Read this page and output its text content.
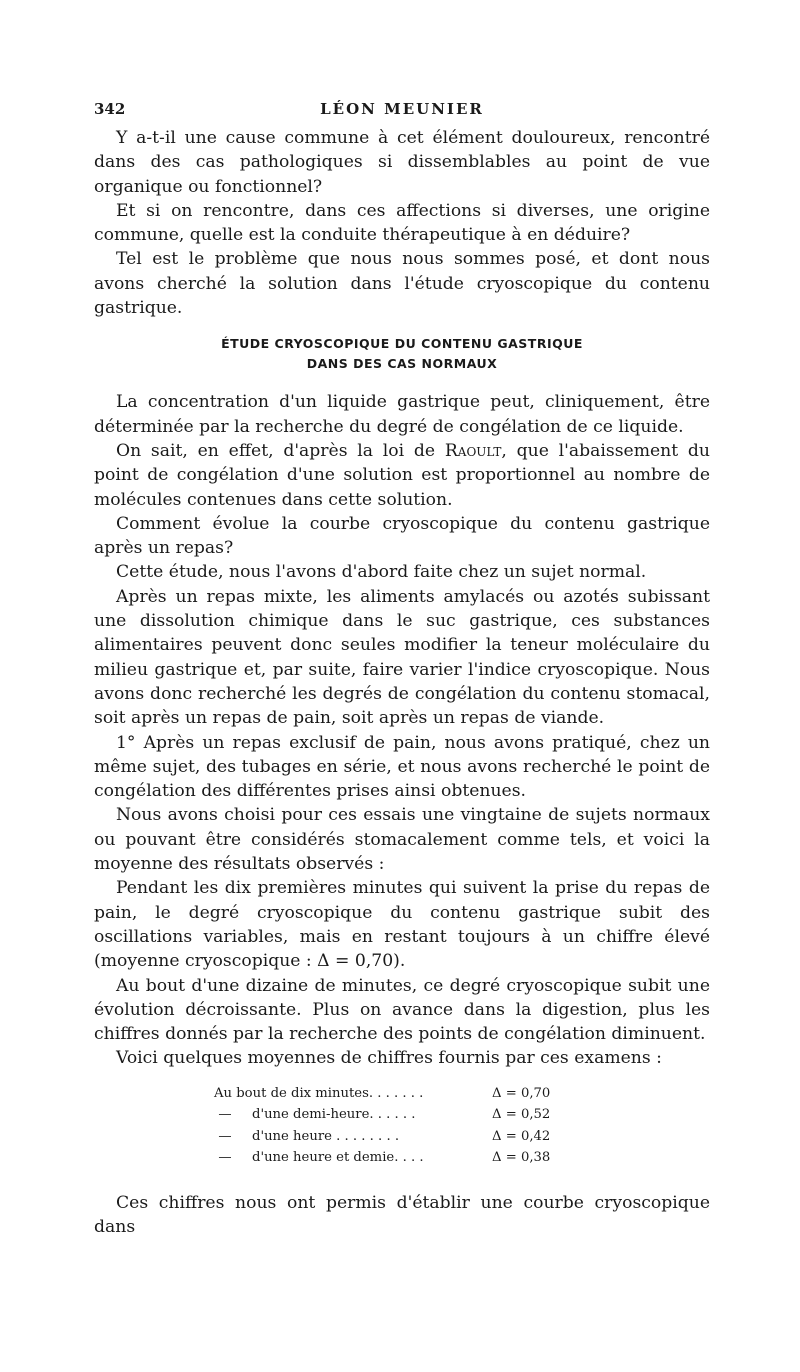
342	LÉON MEUNIER

Y a-t-il une cause commune à cet élément douloureux, rencontré dans des cas pathologiques si dissemblables au point de vue organique ou fonctionnel?

Et si on rencontre, dans ces affections si diverses, une origine commune, quelle est la conduite thérapeutique à en déduire?

Tel est le problème que nous nous sommes posé, et dont nous avons cherché la solution dans l'étude cryoscopique du contenu gastrique.

ÉTUDE CRYOSCOPIQUE DU CONTENU GASTRIQUE
DANS DES CAS NORMAUX

La concentration d'un liquide gastrique peut, cliniquement, être déterminée par la recherche du degré de congélation de ce liquide.

On sait, en effet, d'après la loi de Raoult, que l'abaissement du point de congélation d'une solution est proportionnel au nombre de molécules contenues dans cette solution.

Comment évolue la courbe cryoscopique du contenu gastrique après un repas?

Cette étude, nous l'avons d'abord faite chez un sujet normal.

Après un repas mixte, les aliments amylacés ou azotés subissant une dissolution chimique dans le suc gastrique, ces substances alimentaires peuvent donc seules modifier la teneur moléculaire du milieu gastrique et, par suite, faire varier l'indice cryoscopique. Nous avons donc recherché les degrés de congélation du contenu stomacal, soit après un repas de pain, soit après un repas de viande.

1° Après un repas exclusif de pain, nous avons pratiqué, chez un même sujet, des tubages en série, et nous avons recherché le point de congélation des différentes prises ainsi obtenues.

Nous avons choisi pour ces essais une vingtaine de sujets normaux ou pouvant être considérés stomacalement comme tels, et voici la moyenne des résultats observés :

Pendant les dix premières minutes qui suivent la prise du repas de pain, le degré cryoscopique du contenu gastrique subit des oscillations variables, mais en restant toujours à un chiffre élevé (moyenne cryoscopique : Δ = 0,70).

Au bout d'une dizaine de minutes, ce degré cryoscopique subit une évolution décroissante. Plus on avance dans la digestion, plus les chiffres donnés par la recherche des points de congélation diminuent.

Voici quelques moyennes de chiffres fournis par ces examens :

Au bout de dix minutes. . . . . . .		Δ = 0,70
—	d'une demi-heure. . . . . .	Δ = 0,52
—	d'une heure . . . . . . . .	Δ = 0,42
—	d'une heure et demie. . . .	Δ = 0,38

Ces chiffres nous ont permis d'établir une courbe cryoscopique dans
